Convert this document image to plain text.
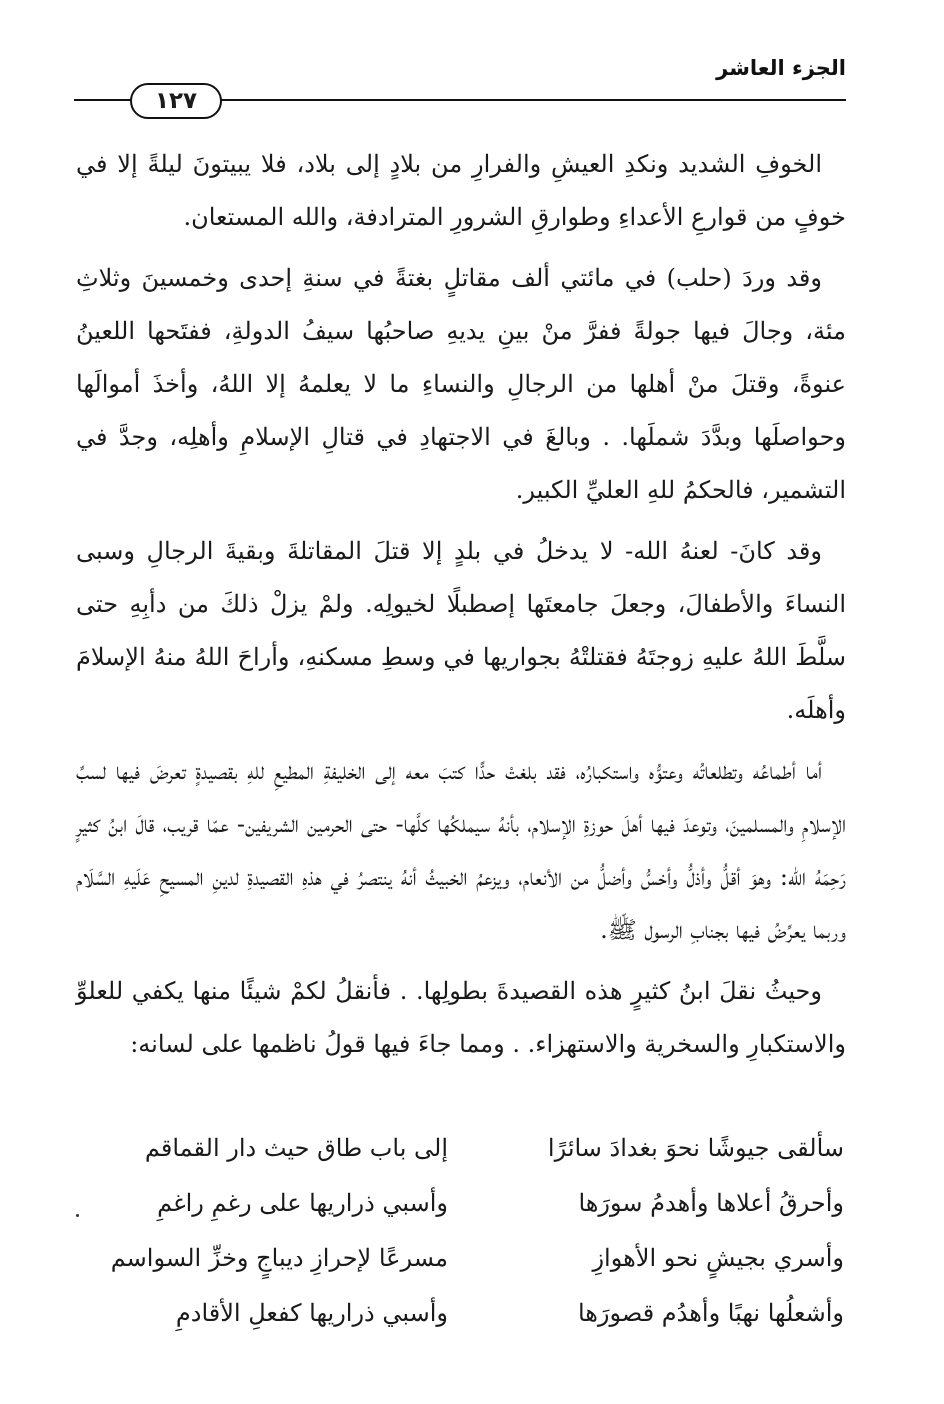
الجزء العاشر
١٢٧

الخوفِ الشديد ونكدِ العيشِ والفرارِ من بلادٍ إلى بلاد، فلا يبيتونَ ليلةً إلا في خوفٍ من قوارعِ الأعداءِ وطوارقِ الشرورِ المترادفة، والله المستعان.

وقد وردَ (حلب) في مائتي ألف مقاتلٍ بغتةً في سنةِ إحدى وخمسينَ وثلاثِ مئة، وجالَ فيها جولةً ففرَّ منْ بينِ يديهِ صاحبُها سيفُ الدولةِ، ففتَحها اللعينُ عنوةً، وقتلَ منْ أهلها من الرجالِ والنساءِ ما لا يعلمهُ إلا اللهُ، وأخذَ أموالَها وحواصلَها وبدَّدَ شملَها. . وبالغَ في الاجتهادِ في قتالِ الإسلامِ وأهلِه، وجدَّ في التشمير، فالحكمُ للهِ العليِّ الكبير.

وقد كانَ- لعنهُ الله- لا يدخلُ في بلدٍ إلا قتلَ المقاتلةَ وبقيةَ الرجالِ وسبى النساءَ والأطفالَ، وجعلَ جامعتَها إصطبلًا لخيولِه. ولمْ يزلْ ذلكَ من دأبِهِ حتى سلَّطَ اللهُ عليهِ زوجتَهُ فقتلتْهُ بجواريها في وسطِ مسكنهِ، وأراحَ اللهُ منهُ الإسلامَ وأهلَه.

أما أطماعُه وتطلعاتُه وعتوُّه واستكبارُه، فقد بلغتْ حدًّا كتبَ معه إلى الخليفةِ المطيعِ للهِ بقصيدةٍ تعرضَ فيها لسبِّ الإسلامِ والمسلمينَ، وتوعدَ فيها أهلَ حوزةِ الإسلام، بأنهُ سيملكُها كلَّها- حتى الحرمين الشريفين- عمّا قريب، قالَ ابنُ كثيرٍ رَحِمَهُ الله: وهوَ أقلُّ وأذلُّ وأخسُّ وأضلُّ من الأنعام، ويزعمُ الخبيثُ أنهُ ينتصرُ في هذهِ القصيدةِ لدينِ المسيحِ عَلَيهِ السَّلَام وربما يعرِّضُ فيها بجنابِ الرسول ﷺ.

وحيثُ نقلَ ابنُ كثيرٍ هذه القصيدةَ بطولِها. . فأنقلُ لكمْ شيئًا منها يكفي للعلوِّ والاستكبارِ والسخرية والاستهزاء. . ومما جاءَ فيها قولُ ناظمها على لسانه:

سألقى جيوشًا نحوَ بغدادَ سائرًا
إلى باب طاق حيث دار القماقم
وأحرقُ أعلاها وأهدمُ سورَها
وأسبي ذراريها على رغمِ راغمِ
وأسري بجيشٍ نحو الأهوازِ
مسرعًا لإحرازِ ديباجٍ وخزِّ السواسم
وأشعلُها نهبًا وأهدُم قصورَها
وأسبي ذراريها كفعلِ الأقادمِ
